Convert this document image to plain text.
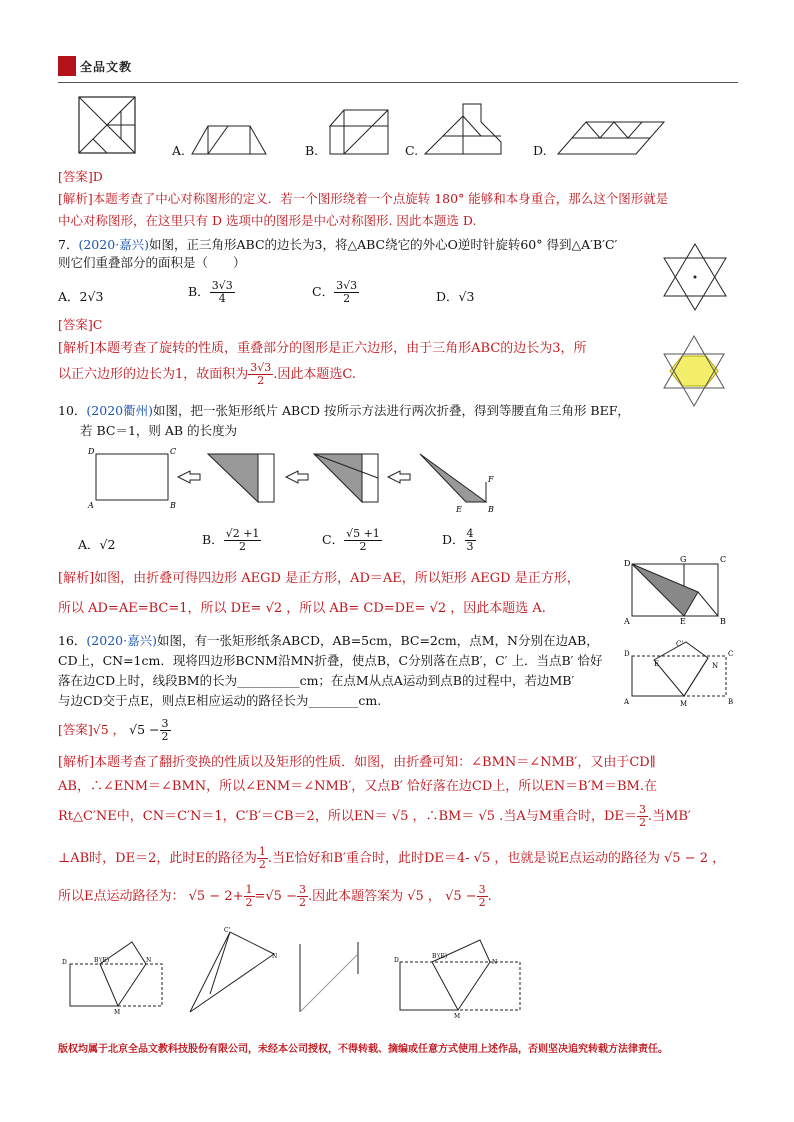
全品文教
A.	B.	C.	D.
[答案]D
[解析]本题考查了中心对称图形的定义．若一个图形绕着一个点旋转 180° 能够和本身重合，那么这个图形就是
中心对称图形，在这里只有 D 选项中的图形是中心对称图形. 因此本题选 D.
7．(2020·嘉兴)如图，正三角形ABC的边长为3，将△ABC绕它的外心O逆时针旋转60° 得到△A′B′C′
则它们重叠部分的面积是（　　）
A．2√3	B． $\frac{3√3}{4}$	C． $\frac{3√3}{2}$	D．√3
[答案]C
[解析]本题考查了旋转的性质，重叠部分的图形是正六边形，由于三角形ABC的边长为3，所
以正六边形的边长为1，故面积为 $\frac{3√3}{2}$ .因此本题选C.
10．(2020衢州)如图，把一张矩形纸片 ABCD 按所示方法进行两次折叠，得到等腰直角三角形 BEF，
若 BC＝1，则 AB 的长度为
D	C
A	B	E
F
B
A．√2	B． $\frac{√2 +1}{2}$	C． $\frac{√5 +1}{2}$	D． $\frac{4}{3}$
D	G	C
A	E	B
[解析]如图，由折叠可得四边形 AEGD 是正方形，AD＝AE，所以矩形 AEGD 是正方形，
所以 AD=AE=BC=1，所以 DE= √2 ，所以 AB= CD=DE= √2 ，因此本题选 A.
16．(2020·嘉兴)如图，有一张矩形纸条ABCD，AB=5cm，BC=2cm，点M，N分别在边AB，
CD上，CN=1cm．现将四边形BCNM沿MN折叠，使点B，C分别落在点B′，C′ 上．当点B′ 恰好
落在边CD上时，线段BM的长为__________cm；在点M从点A运动到点B的过程中，若边MB′
与边CD交于点E，则点E相应运动的路径长为________cm.
D
E
C'
N
C
A	M	B
[答案]√5 ， $√5 - \frac{3}{2}$
[解析]本题考查了翻折变换的性质以及矩形的性质．如图，由折叠可知：∠BMN＝∠NMB′，又由于CD∥
AB，∴∠ENM＝∠BMN，所以∠ENM＝∠NMB′，又点B′ 恰好落在边CD上，所以EN＝B′M＝BM.在
Rt△C′NE中，CN＝C′N＝1，C′B′＝CB＝2，所以EN＝ √5 ，∴BM＝ √5 .当A与M重合时，$DE= \frac{3}{2}$ .当MB′
⊥AB时，DE＝2，此时E的路径为 $\frac{1}{2}$ .当E恰好和B′重合时，此时DE＝4- √5 ，也就是说E点运动的路径为 √5 − 2 ，
所以E点运动路径为： $√5 - 2+ \frac{1}{2} =√5 - \frac{3}{2}$ .因此本题答案为 √5 ， $√5 - \frac{3}{2}$ .
B'(E)	N
D
M
C'
N	B'(E)
N
M
D
版权均属于北京全品文教科技股份有限公司，未经本公司授权，不得转载、摘编或任意方式使用上述作品，否则坚决追究转载方法律责任。
